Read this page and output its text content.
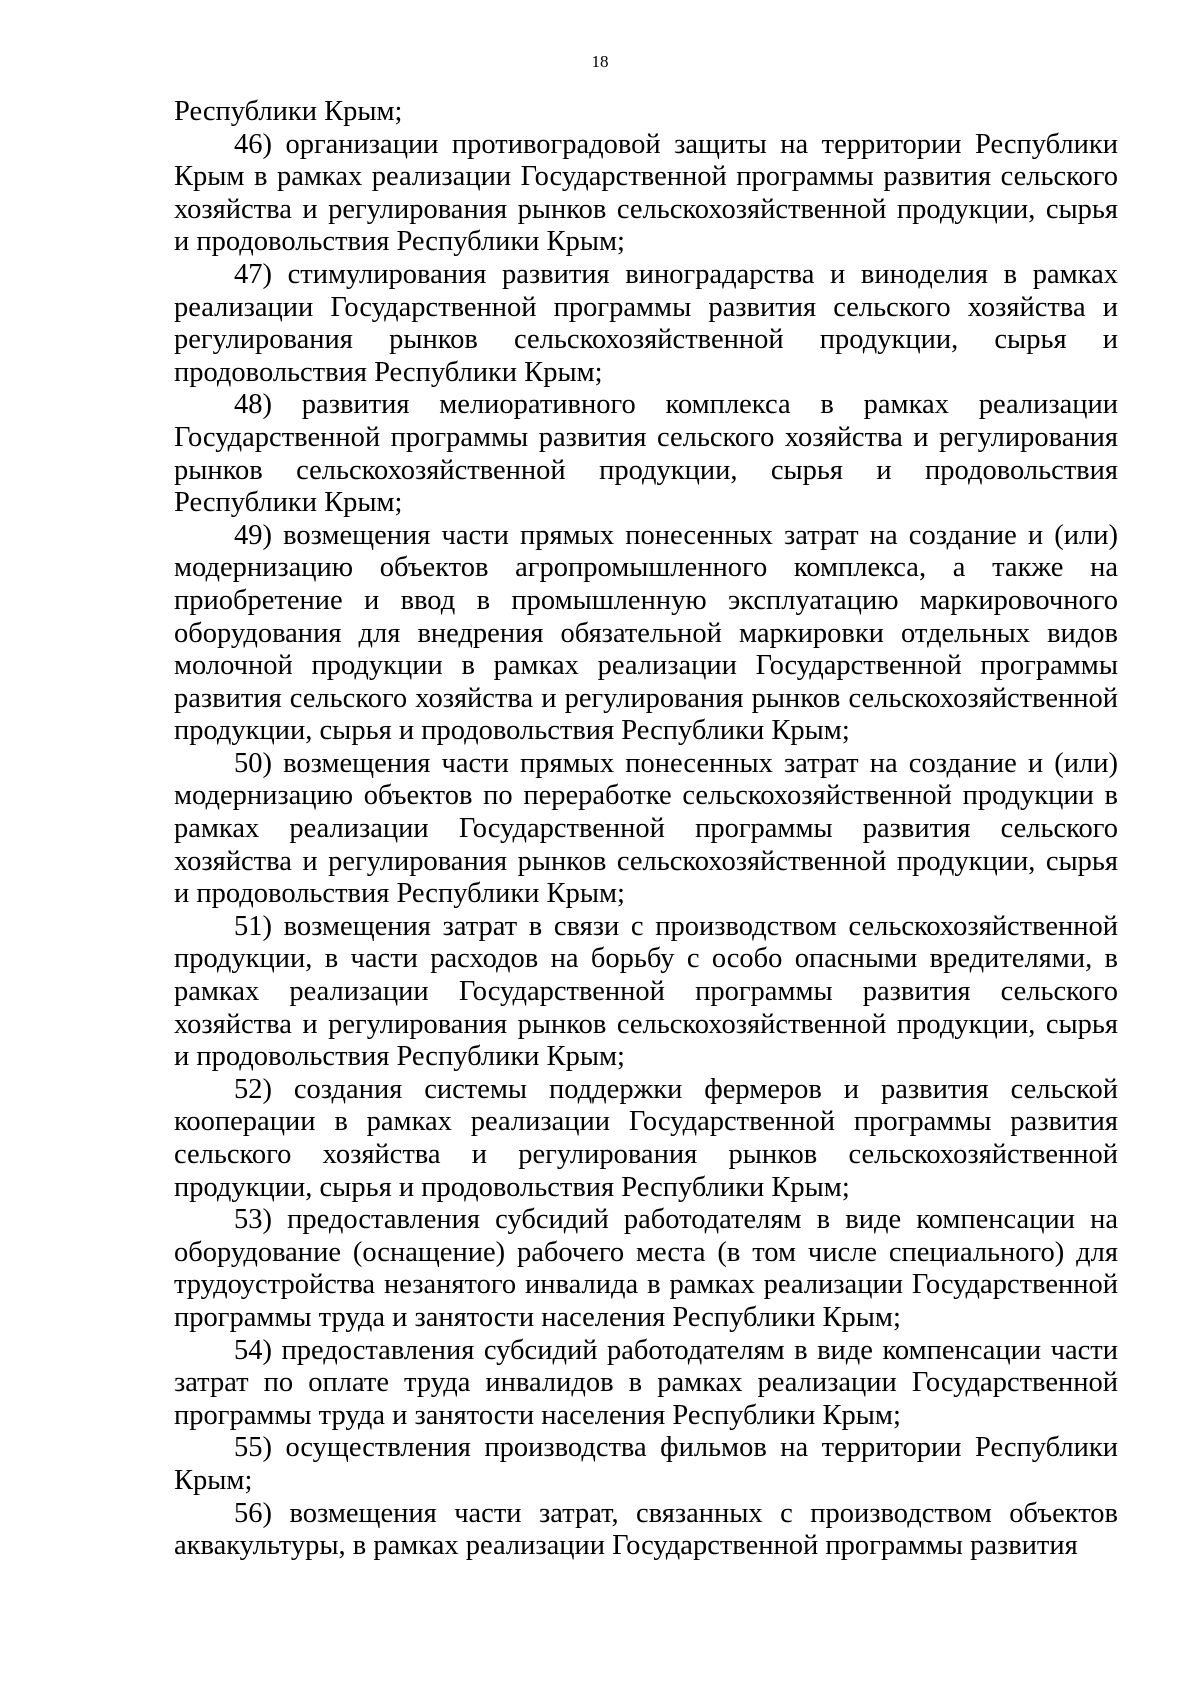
18

Республики Крым;

46) организации противоградовой защиты на территории Республики Крым в рамках реализации Государственной программы развития сельского хозяйства и регулирования рынков сельскохозяйственной продукции, сырья и продовольствия Республики Крым;

47) стимулирования развития виноградарства и виноделия в рамках реализации Государственной программы развития сельского хозяйства и регулирования рынков сельскохозяйственной продукции, сырья и продовольствия Республики Крым;

48) развития мелиоративного комплекса в рамках реализации Государственной программы развития сельского хозяйства и регулирования рынков сельскохозяйственной продукции, сырья и продовольствия Республики Крым;

49) возмещения части прямых понесенных затрат на создание и (или) модернизацию объектов агропромышленного комплекса, а также на приобретение и ввод в промышленную эксплуатацию маркировочного оборудования для внедрения обязательной маркировки отдельных видов молочной продукции в рамках реализации Государственной программы развития сельского хозяйства и регулирования рынков сельскохозяйственной продукции, сырья и продовольствия Республики Крым;

50) возмещения части прямых понесенных затрат на создание и (или) модернизацию объектов по переработке сельскохозяйственной продукции в рамках реализации Государственной программы развития сельского хозяйства и регулирования рынков сельскохозяйственной продукции, сырья и продовольствия Республики Крым;

51) возмещения затрат в связи с производством сельскохозяйственной продукции, в части расходов на борьбу с особо опасными вредителями, в рамках реализации Государственной программы развития сельского хозяйства и регулирования рынков сельскохозяйственной продукции, сырья и продовольствия Республики Крым;

52) создания системы поддержки фермеров и развития сельской кооперации в рамках реализации Государственной программы развития сельского хозяйства и регулирования рынков сельскохозяйственной продукции, сырья и продовольствия Республики Крым;

53) предоставления субсидий работодателям в виде компенсации на оборудование (оснащение) рабочего места (в том числе специального) для трудоустройства незанятого инвалида в рамках реализации Государственной программы труда и занятости населения Республики Крым;

54) предоставления субсидий работодателям в виде компенсации части затрат по оплате труда инвалидов в рамках реализации Государственной программы труда и занятости населения Республики Крым;

55) осуществления производства фильмов на территории Республики Крым;

56) возмещения части затрат, связанных с производством объектов аквакультуры, в рамках реализации Государственной программы развития
